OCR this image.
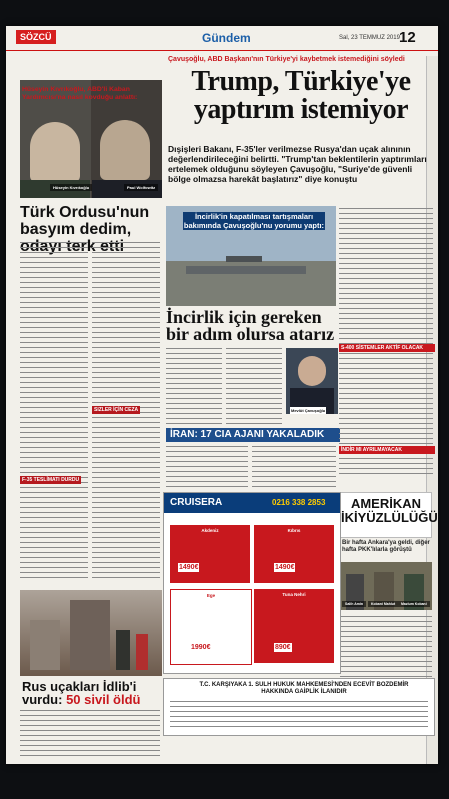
SÖZCÜ	Gündem	Sal, 23 TEMMUZ 2019 12
Hüseyin Kıvrıkoğlu	Paul Wolfowitz
Hüseyin Kıvrıkoğlu, ABD'li Kaban Yardımcısı'na nasıl kovduğu anlattı:
Türk Ordusu'nun basyım dedim, odayı terk etti
SIZLER İÇİN CEZA
F-35 TESLİMATI DURDU
Rus uçakları İdlib'i
vurdu: 50 sivil öldü
Çavuşoğlu, ABD Başkanı'nın Türkiye'yi kaybetmek istemediğini söyledi
Trump, Türkiye'ye yaptırım istemiyor
Dışişleri Bakanı, F-35'ler verilmezse Rusya'dan uçak alınının değerlendirileceğini belirtti. "Trump'tan beklentilerin yaptırımları ertelemek olduğunu söyleyen Çavuşoğlu, "Suriye'de güvenli bölge olmazsa harekât başlatırız" diye konuştu
İncirlik'in kapatılması tartışmaları bakımında Çavuşoğlu'nu yorumu yaptı:
İncirlik için gereken bir adım olursa atarız
Mevlüt Çavuşoğlu
İRAN: 17 CIA AJANI YAKALADIK
S-400 SİSTEMLER AKTİF OLACAK
İNDİR MI AYRILMAYACAK
AMERİKAN İKİYÜZLÜLÜĞÜ
Bir hafta Ankara'ya geldi, diğer hafta PKK'lılarla görüştü
Salih Amin	Kobani Mahlut	Mazlum Kobani
CRUISERA	0216 338 2853
Akdeniz	Kıbrıs
Ege	Tuna Nehri
1490€	1490€
1990€	890€
T.C. KARŞIYAKA 1. SULH HUKUK MAHKEMESİ'NDEN ECEVİT BOZDEMİR HAKKINDA GAİPLİK İLANIDIR
